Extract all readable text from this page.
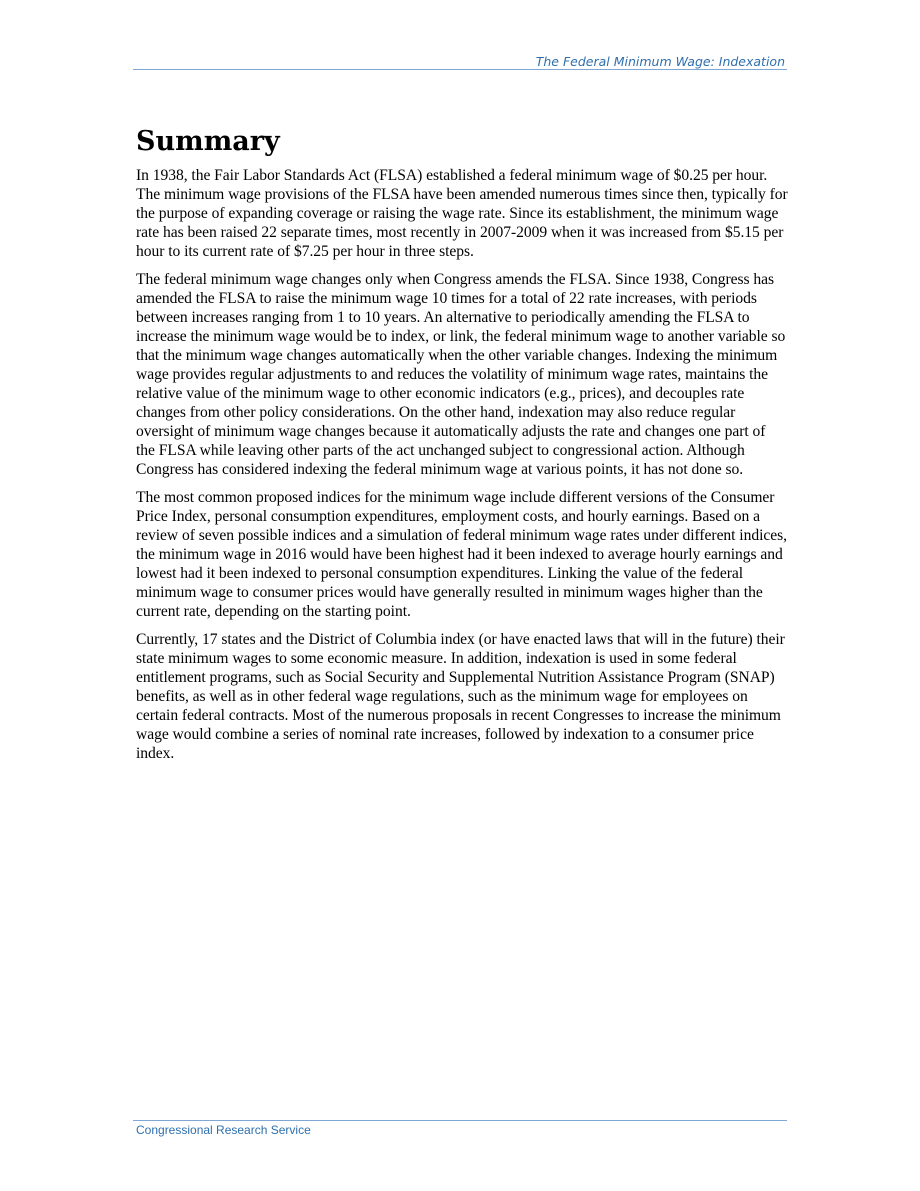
The Federal Minimum Wage: Indexation
Summary

In 1938, the Fair Labor Standards Act (FLSA) established a federal minimum wage of $0.25 per hour. The minimum wage provisions of the FLSA have been amended numerous times since then, typically for the purpose of expanding coverage or raising the wage rate. Since its establishment, the minimum wage rate has been raised 22 separate times, most recently in 2007-2009 when it was increased from $5.15 per hour to its current rate of $7.25 per hour in three steps.

The federal minimum wage changes only when Congress amends the FLSA. Since 1938, Congress has amended the FLSA to raise the minimum wage 10 times for a total of 22 rate increases, with periods between increases ranging from 1 to 10 years. An alternative to periodically amending the FLSA to increase the minimum wage would be to index, or link, the federal minimum wage to another variable so that the minimum wage changes automatically when the other variable changes. Indexing the minimum wage provides regular adjustments to and reduces the volatility of minimum wage rates, maintains the relative value of the minimum wage to other economic indicators (e.g., prices), and decouples rate changes from other policy considerations. On the other hand, indexation may also reduce regular oversight of minimum wage changes because it automatically adjusts the rate and changes one part of the FLSA while leaving other parts of the act unchanged subject to congressional action. Although Congress has considered indexing the federal minimum wage at various points, it has not done so.

The most common proposed indices for the minimum wage include different versions of the Consumer Price Index, personal consumption expenditures, employment costs, and hourly earnings. Based on a review of seven possible indices and a simulation of federal minimum wage rates under different indices, the minimum wage in 2016 would have been highest had it been indexed to average hourly earnings and lowest had it been indexed to personal consumption expenditures. Linking the value of the federal minimum wage to consumer prices would have generally resulted in minimum wages higher than the current rate, depending on the starting point.

Currently, 17 states and the District of Columbia index (or have enacted laws that will in the future) their state minimum wages to some economic measure. In addition, indexation is used in some federal entitlement programs, such as Social Security and Supplemental Nutrition Assistance Program (SNAP) benefits, as well as in other federal wage regulations, such as the minimum wage for employees on certain federal contracts. Most of the numerous proposals in recent Congresses to increase the minimum wage would combine a series of nominal rate increases, followed by indexation to a consumer price index.

Congressional Research Service
